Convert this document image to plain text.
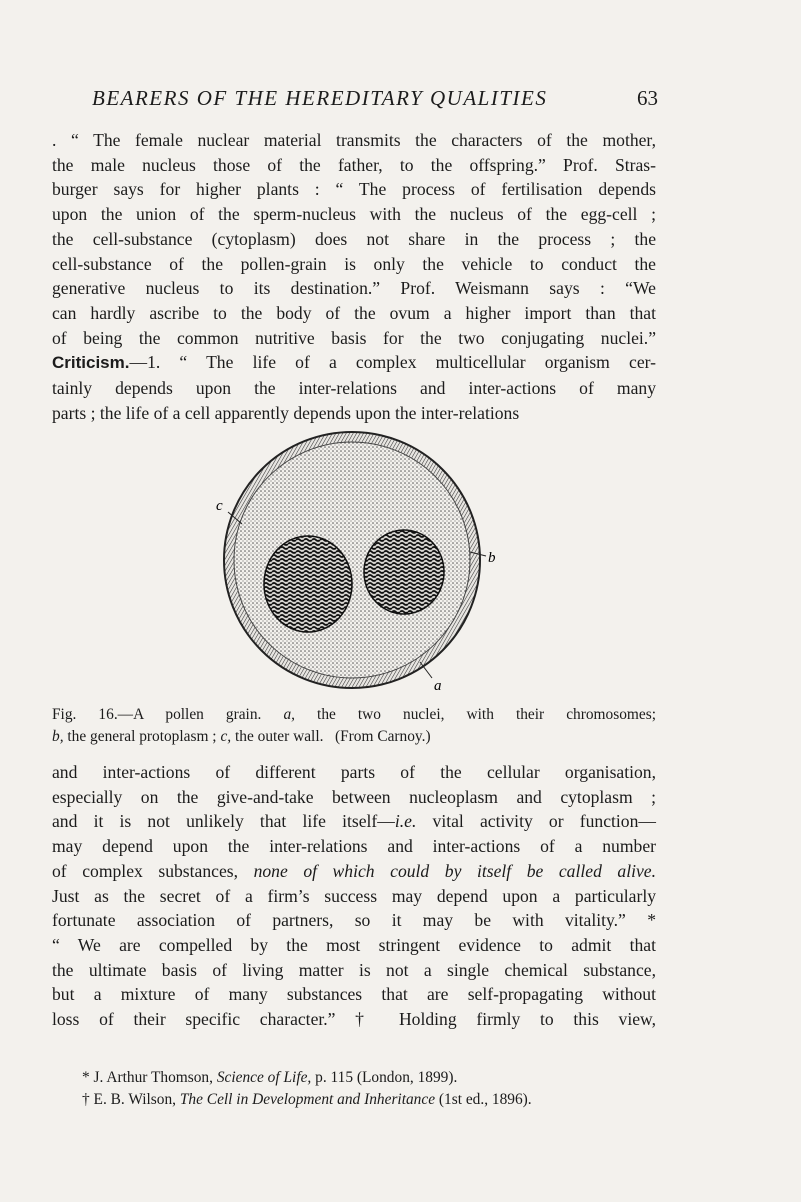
BEARERS OF THE HEREDITARY QUALITIES	63
. “ The female nuclear material transmits the characters of the mother,
the male nucleus those of the father, to the offspring.” Prof. Stras-
burger says for higher plants : “ The process of fertilisation depends
upon the union of the sperm-nucleus with the nucleus of the egg-cell ;
the cell-substance (cytoplasm) does not share in the process ; the
cell-substance of the pollen-grain is only the vehicle to conduct the
generative nucleus to its destination.” Prof. Weismann says : “We
can hardly ascribe to the body of the ovum a higher import than that
of being the common nutritive basis for the two conjugating nuclei.”
Criticism.—1. “ The life of a complex multicellular organism cer-
tainly depends upon the inter-relations and inter-actions of many
parts ; the life of a cell apparently depends upon the inter-relations
c
b
a
Fig. 16.—A pollen grain. a, the two nuclei, with their chromosomes;
b, the general protoplasm ; c, the outer wall. (From Carnoy.)
and inter-actions of different parts of the cellular organisation,
especially on the give-and-take between nucleoplasm and cytoplasm ;
and it is not unlikely that life itself—i.e. vital activity or function—
may depend upon the inter-relations and inter-actions of a number
of complex substances, none of which could by itself be called alive.
Just as the secret of a firm’s success may depend upon a particularly
fortunate association of partners, so it may be with vitality.” *
“ We are compelled by the most stringent evidence to admit that
the ultimate basis of living matter is not a single chemical substance,
but a mixture of many substances that are self-propagating without
loss of their specific character.” † Holding firmly to this view,
* J. Arthur Thomson, Science of Life, p. 115 (London, 1899).
† E. B. Wilson, The Cell in Development and Inheritance (1st ed., 1896).
